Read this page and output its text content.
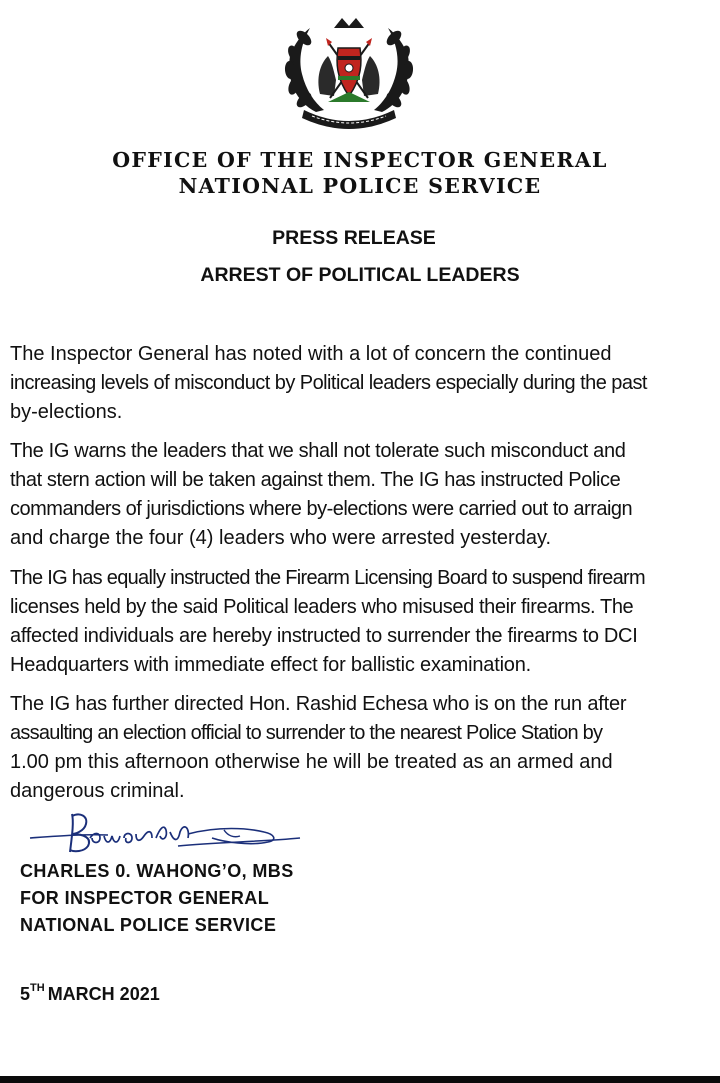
OFFICE OF THE INSPECTOR GENERAL
NATIONAL POLICE SERVICE
PRESS RELEASE
ARREST OF POLITICAL LEADERS

The Inspector General has noted with a lot of concern the continued
increasing levels of misconduct by Political leaders especially during the past
by-elections.

The IG warns the leaders that we shall not tolerate such misconduct and
that stern action will be taken against them. The IG has instructed Police
commanders of jurisdictions where by-elections were carried out to arraign
and charge the four (4) leaders who were arrested yesterday.

The IG has equally instructed the Firearm Licensing Board to suspend firearm
licenses held by the said Political leaders who misused their firearms. The
affected individuals are hereby instructed to surrender the firearms to DCI
Headquarters with immediate effect for ballistic examination.

The IG has further directed Hon. Rashid Echesa who is on the run after
assaulting an election official to surrender to the nearest Police Station by
1.00 pm this afternoon otherwise he will be treated as an armed and
dangerous criminal.

CHARLES 0. WAHONG’O, MBS
FOR INSPECTOR GENERAL
NATIONAL POLICE SERVICE
5TH MARCH 2021
